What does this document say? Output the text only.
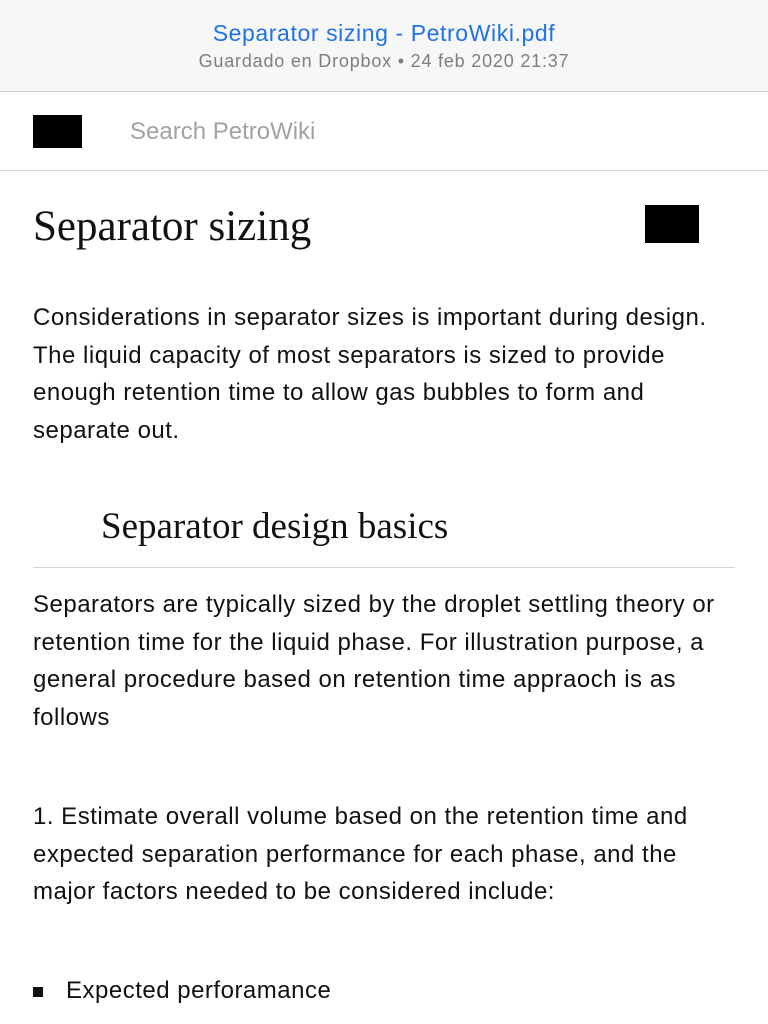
Separator sizing - PetroWiki.pdf
Guardado en Dropbox • 24 feb 2020 21:37
Search PetroWiki
Separator sizing

Considerations in separator sizes is important during design. The liquid capacity of most separators is sized to provide enough retention time to allow gas bubbles to form and separate out.

Separator design basics

Separators are typically sized by the droplet settling theory or retention time for the liquid phase. For illustration purpose, a general procedure based on retention time appraoch is as follows

1. Estimate overall volume based on the retention time and expected separation performance for each phase, and the major factors needed to be considered include:

Expected perforamance
